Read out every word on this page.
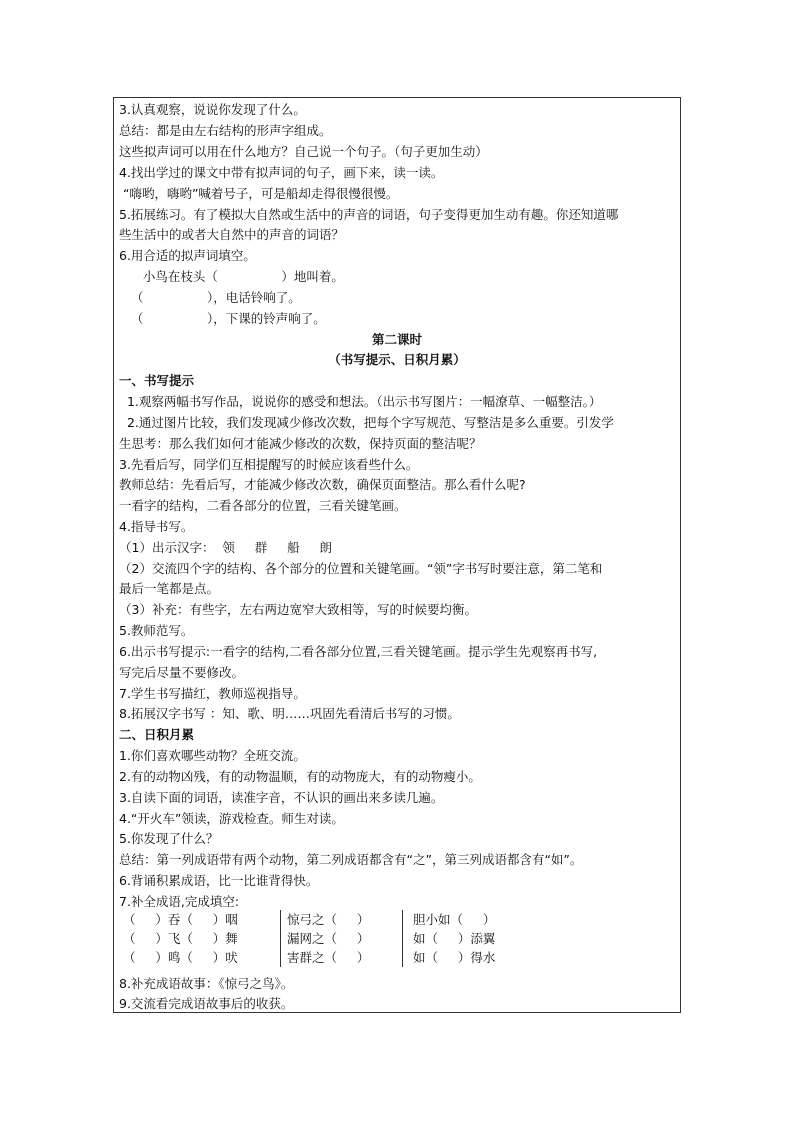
3.认真观察，说说你发现了什么。
总结：都是由左右结构的形声字组成。
这些拟声词可以用在什么地方？自己说一个句子。（句子更加生动）
4.找出学过的课文中带有拟声词的句子，画下来，读一读。
“嗨哟，嗨哟”喊着号子，可是船却走得很慢很慢。
5.拓展练习。有了模拟大自然或生活中的声音的词语，句子变得更加生动有趣。你还知道哪
些生活中的或者大自然中的声音的词语？
6.用合适的拟声词填空。
小鸟在枝头（                ）地叫着。
（                ），电话铃响了。
（                ），下课的铃声响了。
第二课时
（书写提示、日积月累）
一、书写提示
1.观察两幅书写作品，说说你的感受和想法。（出示书写图片：一幅潦草、一幅整洁。）
2.通过图片比较，我们发现减少修改次数，把每个字写规范、写整洁是多么重要。引发学
生思考：那么我们如何才能减少修改的次数，保持页面的整洁呢？
3.先看后写，同学们互相提醒写的时候应该看些什么。
教师总结：先看后写，才能减少修改次数，确保页面整洁。那么看什么呢?
一看字的结构，二看各部分的位置，三看关键笔画。
4.指导书写。
（1）出示汉字：  领     群     船     朗
（2）交流四个字的结构、各个部分的位置和关键笔画。“领”字书写时要注意，第二笔和
最后一笔都是点。
（3）补充：有些字，左右两边宽窄大致相等，写的时候要均衡。
5.教师范写。
6.出示书写提示:一看字的结构,二看各部分位置,三看关键笔画。提示学生先观察再书写,
写完后尽量不要修改。
7.学生书写描红，教师巡视指导。
8.拓展汉字书写 ：知、歌、明……巩固先看清后书写的习惯。
二、日积月累
1.你们喜欢哪些动物？全班交流。
2.有的动物凶残，有的动物温顺，有的动物庞大，有的动物瘦小。
3.自读下面的词语，读准字音，不认识的画出来多读几遍。
4.“开火车”领读，游戏检查。师生对读。
5.你发现了什么？
总结：第一列成语带有两个动物，第二列成语都含有“之”，第三列成语都含有“如”。
6.背诵积累成语，比一比谁背得快。
7.补全成语,完成填空:
（     ）吞（     ）咽	惊弓之（     ）	胆小如（     ）
（     ）飞（     ）舞	漏网之（     ）	如（     ）添翼
（     ）鸣（     ）吠	害群之（     ）	如（     ）得水
8.补充成语故事：《惊弓之鸟》。
9.交流看完成语故事后的收获。
